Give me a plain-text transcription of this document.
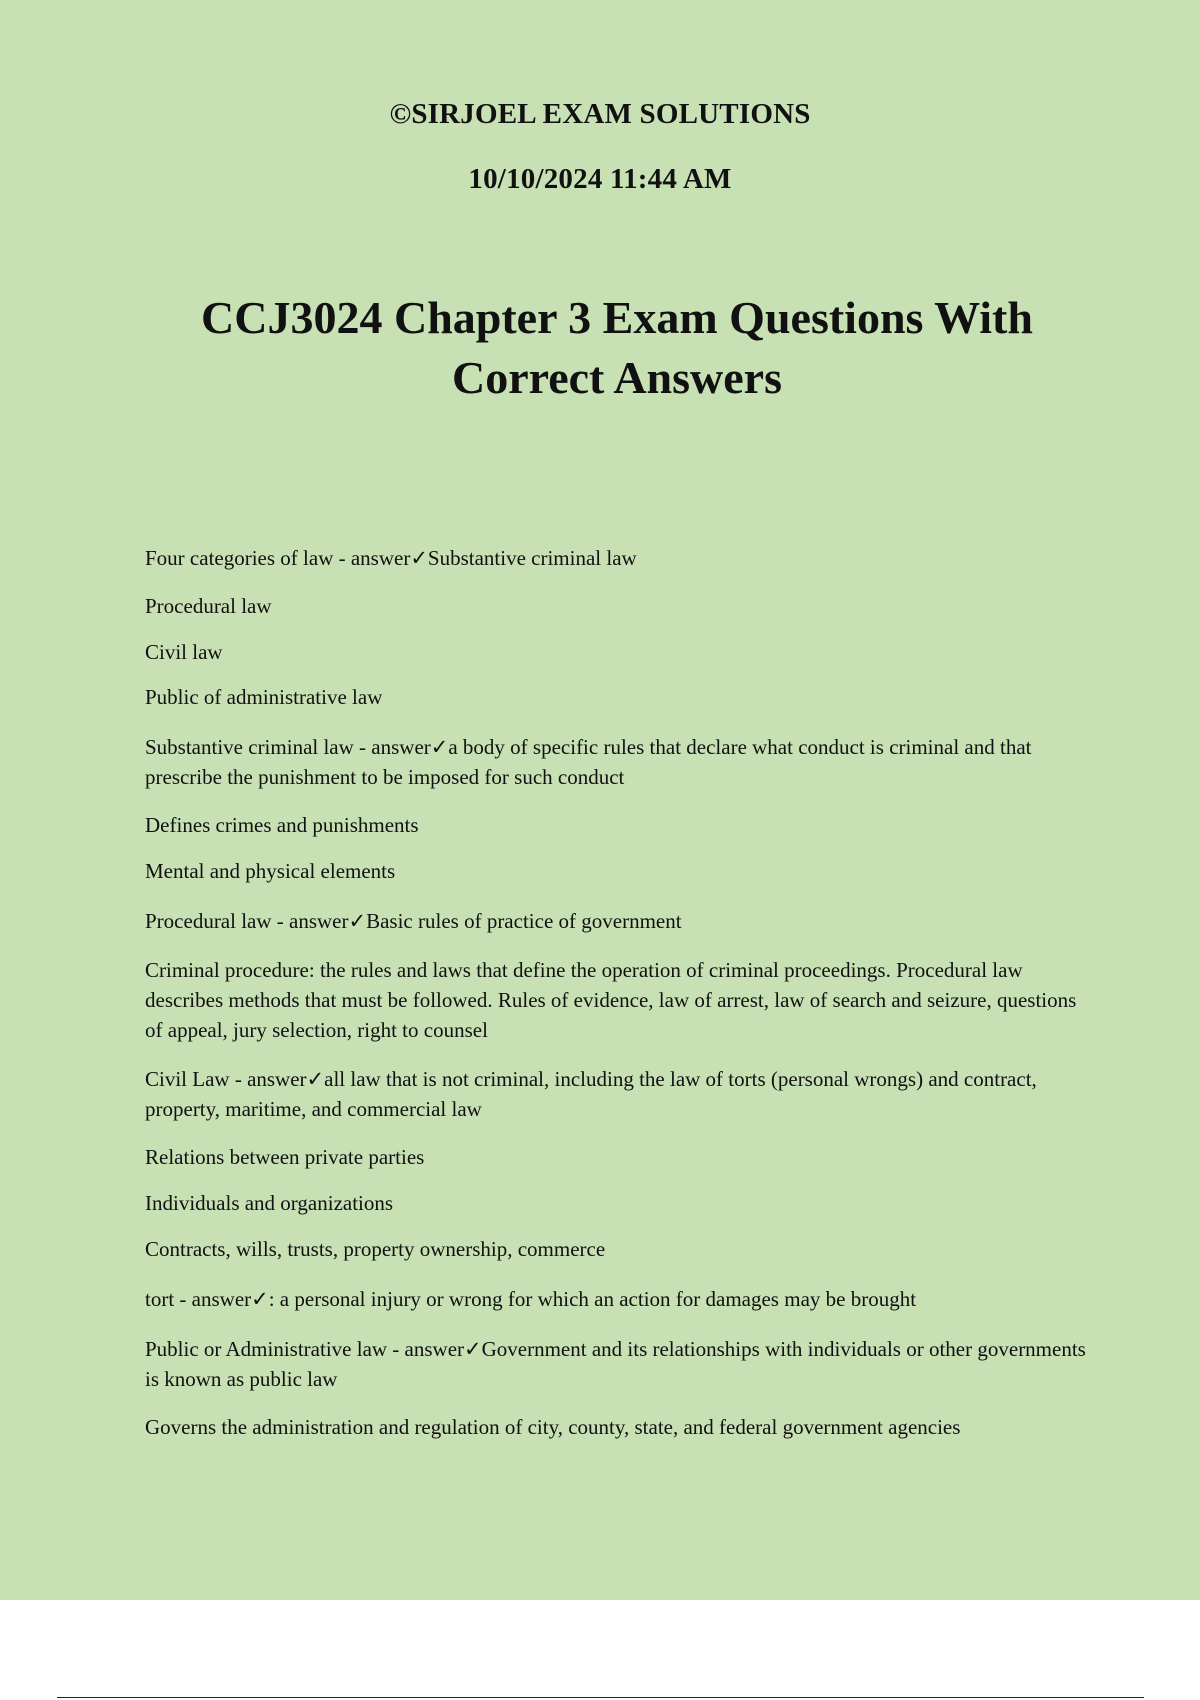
©SIRJOEL EXAM SOLUTIONS
10/10/2024 11:44 AM
CCJ3024 Chapter 3 Exam Questions With Correct Answers
Four categories of law - answer✓Substantive criminal law
Procedural law
Civil law
Public of administrative law
Substantive criminal law - answer✓a body of specific rules that declare what conduct is criminal and that prescribe the punishment to be imposed for such conduct
Defines crimes and punishments
Mental and physical elements
Procedural law - answer✓Basic rules of practice of government
Criminal procedure: the rules and laws that define the operation of criminal proceedings. Procedural law describes methods that must be followed. Rules of evidence, law of arrest, law of search and seizure, questions of appeal, jury selection, right to counsel
Civil Law - answer✓all law that is not criminal, including the law of torts (personal wrongs) and contract, property, maritime, and commercial law
Relations between private parties
Individuals and organizations
Contracts, wills, trusts, property ownership, commerce
tort - answer✓: a personal injury or wrong for which an action for damages may be brought
Public or Administrative law - answer✓Government and its relationships with individuals or other governments is known as public law
Governs the administration and regulation of city, county, state, and federal government agencies
